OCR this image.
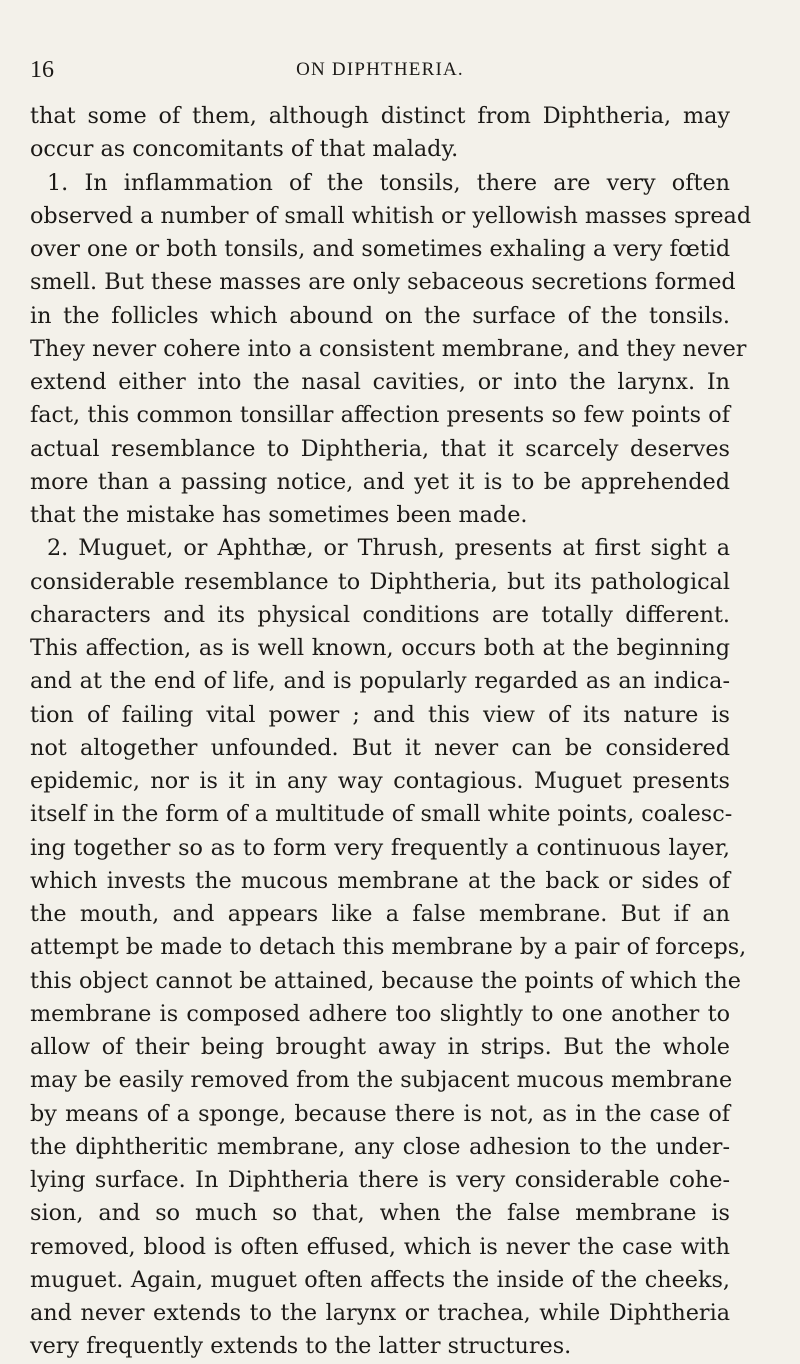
16	ON DIPHTHERIA.
that some of them, although distinct from Diphtheria, may
occur as concomitants of that malady.
1. In inflammation of the tonsils, there are very often
observed a number of small whitish or yellowish masses spread
over one or both tonsils, and sometimes exhaling a very fœtid
smell. But these masses are only sebaceous secretions formed
in the follicles which abound on the surface of the tonsils.
They never cohere into a consistent membrane, and they never
extend either into the nasal cavities, or into the larynx. In
fact, this common tonsillar affection presents so few points of
actual resemblance to Diphtheria, that it scarcely deserves
more than a passing notice, and yet it is to be apprehended
that the mistake has sometimes been made.
2. Muguet, or Aphthæ, or Thrush, presents at first sight a
considerable resemblance to Diphtheria, but its pathological
characters and its physical conditions are totally different.
This affection, as is well known, occurs both at the beginning
and at the end of life, and is popularly regarded as an indica-
tion of failing vital power ; and this view of its nature is
not altogether unfounded. But it never can be considered
epidemic, nor is it in any way contagious. Muguet presents
itself in the form of a multitude of small white points, coalesc-
ing together so as to form very frequently a continuous layer,
which invests the mucous membrane at the back or sides of
the mouth, and appears like a false membrane. But if an
attempt be made to detach this membrane by a pair of forceps,
this object cannot be attained, because the points of which the
membrane is composed adhere too slightly to one another to
allow of their being brought away in strips. But the whole
may be easily removed from the subjacent mucous membrane
by means of a sponge, because there is not, as in the case of
the diphtheritic membrane, any close adhesion to the under-
lying surface. In Diphtheria there is very considerable cohe-
sion, and so much so that, when the false membrane is
removed, blood is often effused, which is never the case with
muguet. Again, muguet often affects the inside of the cheeks,
and never extends to the larynx or trachea, while Diphtheria
very frequently extends to the latter structures.
